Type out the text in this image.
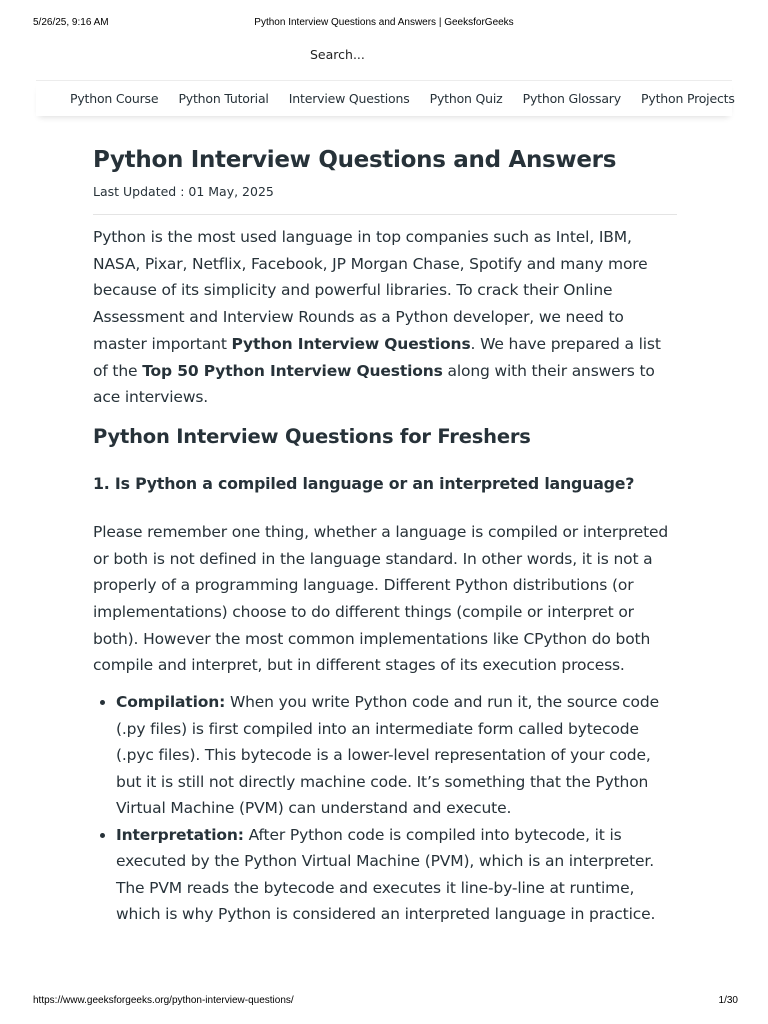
5/26/25, 9:16 AM	Python Interview Questions and Answers | GeeksforGeeks
Search...
Python Course Python Tutorial Interview Questions Python Quiz Python Glossary Python Projects
Python Interview Questions and Answers
Last Updated : 01 May, 2025

Python is the most used language in top companies such as Intel, IBM, NASA, Pixar, Netflix, Facebook, JP Morgan Chase, Spotify and many more because of its simplicity and powerful libraries. To crack their Online Assessment and Interview Rounds as a Python developer, we need to master important Python Interview Questions. We have prepared a list of the Top 50 Python Interview Questions along with their answers to ace interviews.

Python Interview Questions for Freshers
1. Is Python a compiled language or an interpreted language?

Please remember one thing, whether a language is compiled or interpreted or both is not defined in the language standard. In other words, it is not a properly of a programming language. Different Python distributions (or implementations) choose to do different things (compile or interpret or both). However the most common implementations like CPython do both compile and interpret, but in different stages of its execution process.

• Compilation: When you write Python code and run it, the source code (.py files) is first compiled into an intermediate form called bytecode (.pyc files). This bytecode is a lower-level representation of your code, but it is still not directly machine code. It’s something that the Python Virtual Machine (PVM) can understand and execute.
• Interpretation: After Python code is compiled into bytecode, it is executed by the Python Virtual Machine (PVM), which is an interpreter. The PVM reads the bytecode and executes it line-by-line at runtime, which is why Python is considered an interpreted language in practice.
https://www.geeksforgeeks.org/python-interview-questions/	1/30
